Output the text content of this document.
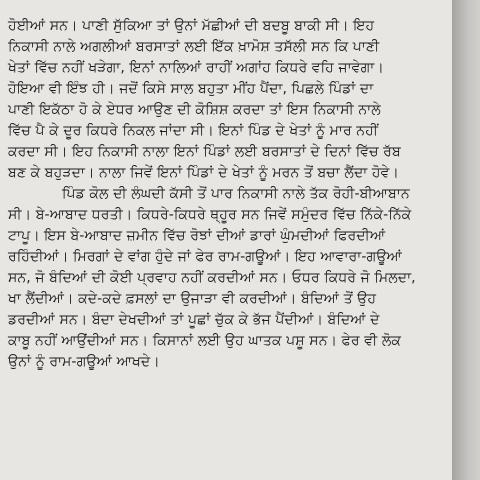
ਹੋਈਆਂ ਸਨ। ਪਾਣੀ ਸੁੱਕਿਆ ਤਾਂ ਉਨਾਂ ਮੱਛੀਆਂ ਦੀ ਬਦਬੂ ਬਾਕੀ ਸੀ। ਇਹ
ਨਿਕਾਸੀ ਨਾਲੇ ਅਗਲੀਆਂ ਬਰਸਾਤਾਂ ਲਈ ਇੱਕ ਖ਼ਾਮੋਸ਼ ਤਸੱਲੀ ਸਨ ਕਿ ਪਾਣੀ
ਖੇਤਾਂ ਵਿੱਚ ਨਹੀਂ ਖੜੇਗਾ, ਇਨਾਂ ਨਾਲਿਆਂ ਰਾਹੀਂ ਅਗਾਂਹ ਕਿਧਰੇ ਵਹਿ ਜਾਵੇਗਾ।
ਹੋਇਆ ਵੀ ਇੰਝ ਹੀ। ਜਦੋਂ ਕਿਸੇ ਸਾਲ ਬਹੁਤਾ ਮੀਂਹ ਪੈਂਦਾ, ਪਿਛਲੇ ਪਿੰਡਾਂ ਦਾ
ਪਾਣੀ ਇਕੱਠਾ ਹੋ ਕੇ ਏਧਰ ਆਉਣ ਦੀ ਕੋਸ਼ਿਸ਼ ਕਰਦਾ ਤਾਂ ਇਸ ਨਿਕਾਸੀ ਨਾਲੇ
ਵਿੱਚ ਪੈ ਕੇ ਦੂਰ ਕਿਧਰੇ ਨਿਕਲ ਜਾਂਦਾ ਸੀ। ਇਨਾਂ ਪਿੰਡ ਦੇ ਖੇਤਾਂ ਨੂੰ ਮਾਰ ਨਹੀਂ
ਕਰਦਾ ਸੀ। ਇਹ ਨਿਕਾਸੀ ਨਾਲਾ ਇਨਾਂ ਪਿੰਡਾਂ ਲਈ ਬਰਸਾਤਾਂ ਦੇ ਦਿਨਾਂ ਵਿੱਚ ਰੱਬ
ਬਣ ਕੇ ਬਹੁੜਦਾ। ਨਾਲਾ ਜਿਵੇਂ ਇਨਾਂ ਪਿੰਡਾਂ ਦੇ ਖੇਤਾਂ ਨੂੰ ਮਰਨ ਤੋਂ ਬਚਾ ਲੈਂਦਾ ਹੋਵੇ।
ਪਿੰਡ ਕੋਲ ਦੀ ਲੰਘਦੀ ਕੱਸੀ ਤੋਂ ਪਾਰ ਨਿਕਾਸੀ ਨਾਲੇ ਤੱਕ ਰੋਹੀ-ਬੀਆਬਾਨ
ਸੀ। ਬੇ-ਆਬਾਦ ਧਰਤੀ। ਕਿਧਰੇ-ਕਿਧਰੇ ਥ੍ਹੂਰ ਸਨ ਜਿਵੇਂ ਸਮੁੰਦਰ ਵਿੱਚ ਨਿੱਕੇ-ਨਿੱਕੇ
ਟਾਪੂ। ਇਸ ਬੇ-ਆਬਾਦ ਜ਼ਮੀਨ ਵਿੱਚ ਰੋਝਾਂ ਦੀਆਂ ਡਾਰਾਂ ਘੁੰਮਦੀਆਂ ਫਿਰਦੀਆਂ
ਰਹਿੰਦੀਆਂ। ਮਿਰਗਾਂ ਦੇ ਵਾਂਗ ਹੁੰਦੇ ਜਾਂ ਫੇਰ ਰਾਮ-ਗਊਆਂ। ਇਹ ਆਵਾਰਾ-ਗਊਆਂ
ਸਨ, ਜੋ ਬੰਦਿਆਂ ਦੀ ਕੋਈ ਪ੍ਰਵਾਹ ਨਹੀਂ ਕਰਦੀਆਂ ਸਨ। ਓਧਰ ਕਿਧਰੇ ਜੋ ਮਿਲਦਾ,
ਖਾ ਲੈਂਦੀਆਂ। ਕਦੇ-ਕਦੇ ਫ਼ਸਲਾਂ ਦਾ ਉਜਾੜਾ ਵੀ ਕਰਦੀਆਂ। ਬੰਦਿਆਂ ਤੋਂ ਉਹ
ਡਰਦੀਆਂ ਸਨ। ਬੰਦਾ ਦੇਖਦੀਆਂ ਤਾਂ ਪੂਛਾਂ ਚੁੱਕ ਕੇ ਭੱਜ ਪੈਂਦੀਆਂ। ਬੰਦਿਆਂ ਦੇ
ਕਾਬੂ ਨਹੀਂ ਆਉਂਦੀਆਂ ਸਨ। ਕਿਸਾਨਾਂ ਲਈ ਉਹ ਘਾਤਕ ਪਸ਼ੂ ਸਨ। ਫੇਰ ਵੀ ਲੋਕ
ਉਨਾਂ ਨੂੰ ਰਾਮ-ਗਊਆਂ ਆਖਦੇ।
